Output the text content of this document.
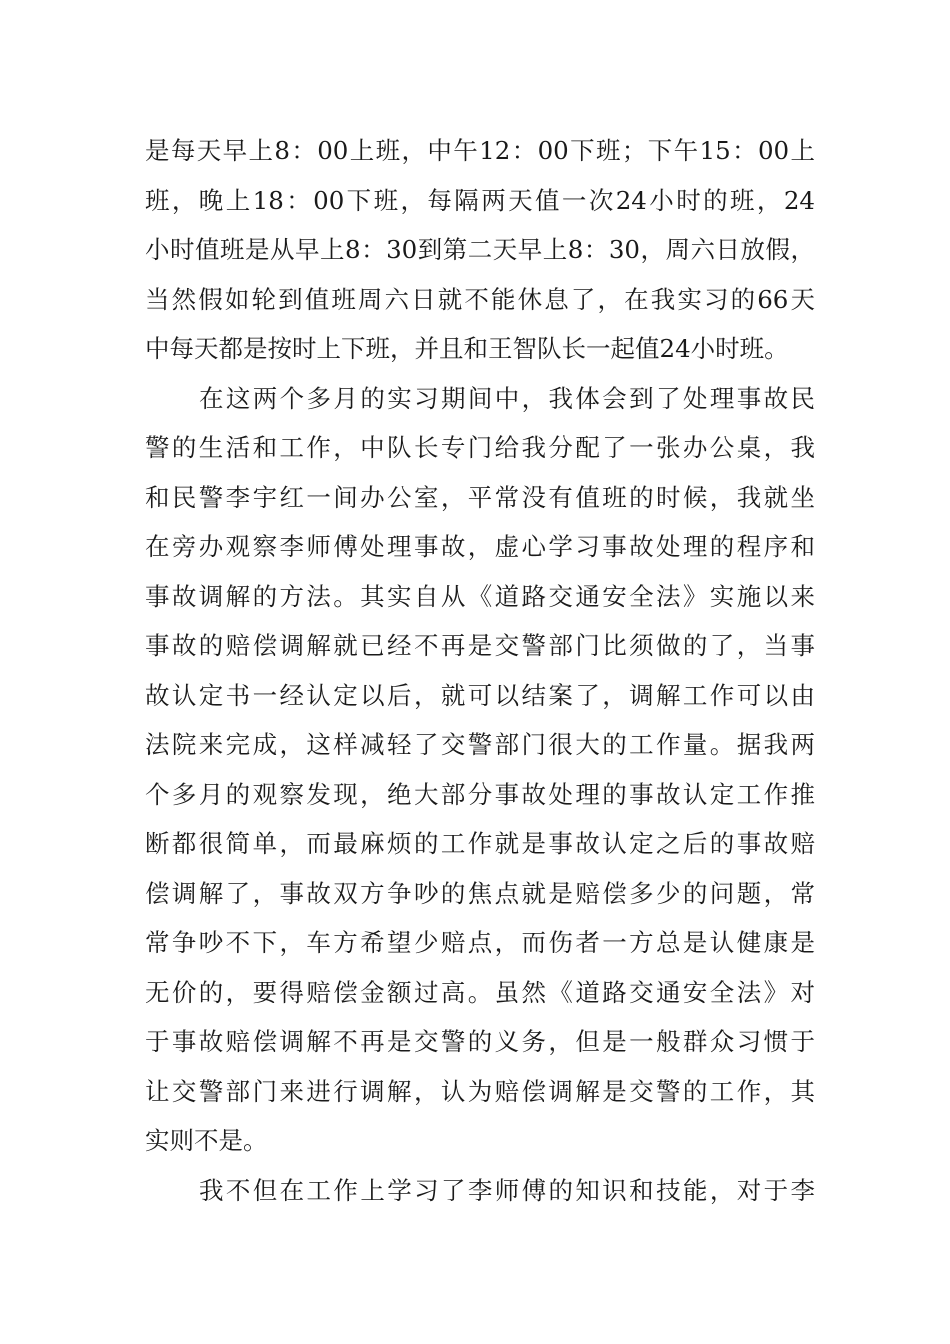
是每天早上8：00上班，中午12：00下班；下午15：00上
班，晚上18：00下班，每隔两天值一次24小时的班，24
小时值班是从早上8：30到第二天早上8：30，周六日放假，
当然假如轮到值班周六日就不能休息了，在我实习的66天
中每天都是按时上下班，并且和王智队长一起值24小时班。
在这两个多月的实习期间中，我体会到了处理事故民
警的生活和工作，中队长专门给我分配了一张办公桌，我
和民警李宇红一间办公室，平常没有值班的时候，我就坐
在旁办观察李师傅处理事故，虚心学习事故处理的程序和
事故调解的方法。其实自从《道路交通安全法》实施以来
事故的赔偿调解就已经不再是交警部门比须做的了，当事
故认定书一经认定以后，就可以结案了，调解工作可以由
法院来完成，这样减轻了交警部门很大的工作量。据我两
个多月的观察发现，绝大部分事故处理的事故认定工作推
断都很简单，而最麻烦的工作就是事故认定之后的事故赔
偿调解了，事故双方争吵的焦点就是赔偿多少的问题，常
常争吵不下，车方希望少赔点，而伤者一方总是认健康是
无价的，要得赔偿金额过高。虽然《道路交通安全法》对
于事故赔偿调解不再是交警的义务，但是一般群众习惯于
让交警部门来进行调解，认为赔偿调解是交警的工作，其
实则不是。
我不但在工作上学习了李师傅的知识和技能，对于李
